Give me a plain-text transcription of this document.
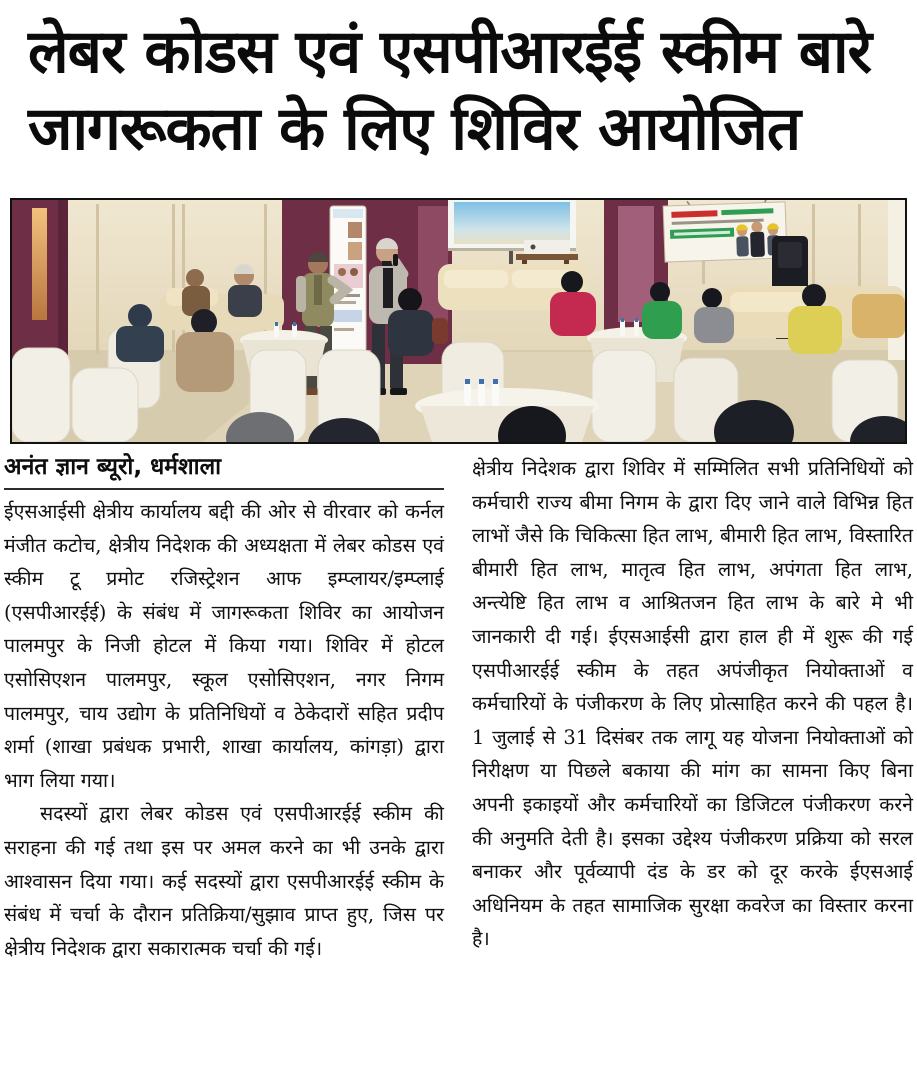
लेबर कोडस एवं एसपीआरईई स्कीम बारे
जागरूकता के लिए शिविर आयोजित
अनंत ज्ञान ब्यूरो, धर्मशाला

ईएसआईसी क्षेत्रीय कार्यालय बद्दी की ओर से वीरवार को कर्नल मंजीत कटोच, क्षेत्रीय निदेशक की अध्यक्षता में लेबर कोडस एवं स्कीम टू प्रमोट रजिस्ट्रेशन आफ इम्प्लायर/इम्प्लाई (एसपीआरईई) के संबंध में जागरूकता शिविर का आयोजन पालमपुर के निजी होटल में किया गया। शिविर में होटल एसोसिएशन पालमपुर, स्कूल एसोसिएशन, नगर निगम पालमपुर, चाय उद्योग के प्रतिनिधियों व ठेकेदारों सहित प्रदीप शर्मा (शाखा प्रबंधक प्रभारी, शाखा कार्यालय, कांगड़ा) द्वारा भाग लिया गया।

सदस्यों द्वारा लेबर कोडस एवं एसपीआरईई स्कीम की सराहना की गई तथा इस पर अमल करने का भी उनके द्वारा आश्वासन दिया गया। कई सदस्यों द्वारा एसपीआरईई स्कीम के संबंध में चर्चा के दौरान प्रतिक्रिया/सुझाव प्राप्त हुए, जिस पर क्षेत्रीय निदेशक द्वारा सकारात्मक चर्चा की गई।

क्षेत्रीय निदेशक द्वारा शिविर में सम्मिलित सभी प्रतिनिधियों को कर्मचारी राज्य बीमा निगम के द्वारा दिए जाने वाले विभिन्न हित लाभों जैसे कि चिकित्सा हित लाभ, बीमारी हित लाभ, विस्तारित बीमारी हित लाभ, मातृत्व हित लाभ, अपंगता हित लाभ, अन्त्येष्टि हित लाभ व आश्रितजन हित लाभ के बारे मे भी जानकारी दी गई। ईएसआईसी द्वारा हाल ही में शुरू की गई एसपीआरईई स्कीम के तहत अपंजीकृत नियोक्ताओं व कर्मचारियों के पंजीकरण के लिए प्रोत्साहित करने की पहल है। 1 जुलाई से 31 दिसंबर तक लागू यह योजना नियोक्ताओं को निरीक्षण या पिछले बकाया की मांग का सामना किए बिना अपनी इकाइयों और कर्मचारियों का डिजिटल पंजीकरण करने की अनुमति देती है। इसका उद्देश्य पंजीकरण प्रक्रिया को सरल बनाकर और पूर्वव्यापी दंड के डर को दूर करके ईएसआई अधिनियम के तहत सामाजिक सुरक्षा कवरेज का विस्तार करना है।
